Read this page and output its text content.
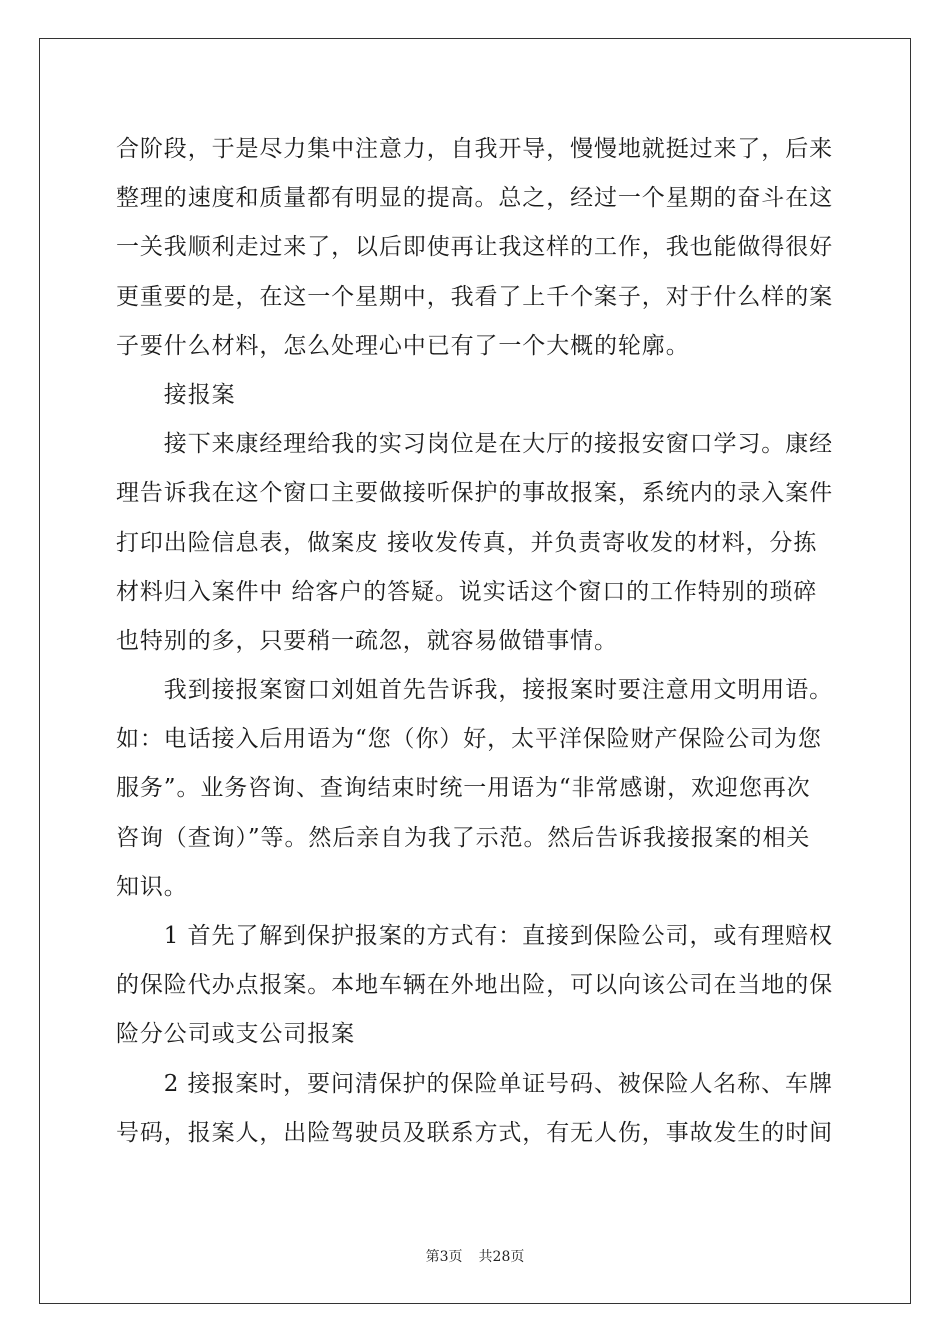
合阶段，于是尽力集中注意力，自我开导，慢慢地就挺过来了，后来
整理的速度和质量都有明显的提高。总之，经过一个星期的奋斗在这
一关我顺利走过来了，以后即使再让我这样的工作，我也能做得很好
更重要的是，在这一个星期中，我看了上千个案子，对于什么样的案
子要什么材料，怎么处理心中已有了一个大概的轮廓。
　　接报案
　　接下来康经理给我的实习岗位是在大厅的接报安窗口学习。康经
理告诉我在这个窗口主要做接听保护的事故报案，系统内的录入案件
打印出险信息表，做案皮 接收发传真，并负责寄收发的材料，分拣
材料归入案件中 给客户的答疑。说实话这个窗口的工作特别的琐碎
也特别的多，只要稍一疏忽，就容易做错事情。
　　我到接报案窗口刘姐首先告诉我，接报案时要注意用文明用语。
如：电话接入后用语为“您（你）好，太平洋保险财产保险公司为您
服务”。业务咨询、查询结束时统一用语为“非常感谢，欢迎您再次
咨询（查询）”等。然后亲自为我了示范。然后告诉我接报案的相关
知识。
　　1 首先了解到保护报案的方式有：直接到保险公司，或有理赔权
的保险代办点报案。本地车辆在外地出险，可以向该公司在当地的保
险分公司或支公司报案
　　2 接报案时，要问清保护的保险单证号码、被保险人名称、车牌
号码，报案人，出险驾驶员及联系方式，有无人伤，事故发生的时间
第3页 共28页
